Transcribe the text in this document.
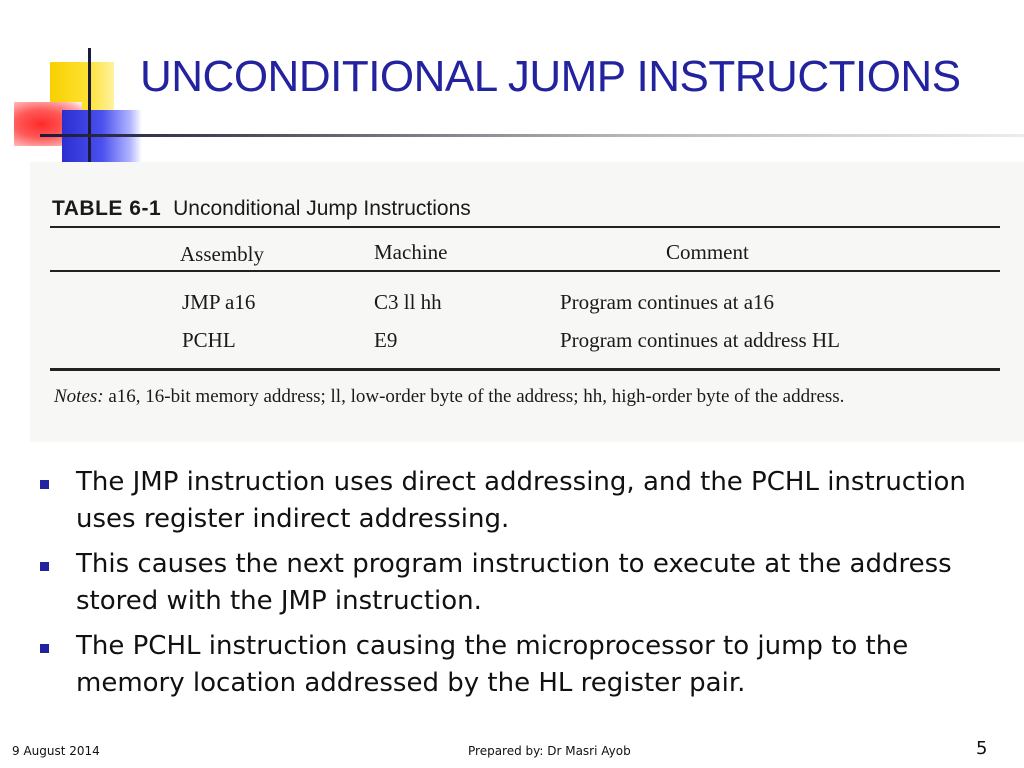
UNCONDITIONAL JUMP INSTRUCTIONS
TABLE 6-1 Unconditional Jump Instructions
Assembly	Machine	Comment
JMP a16	C3 ll hh	Program continues at a16
PCHL	E9	Program continues at address HL
Notes: a16, 16-bit memory address; ll, low-order byte of the address; hh, high-order byte of the address.
The JMP instruction uses direct addressing, and the PCHL instruction uses register indirect addressing.
This causes the next program instruction to execute at the address stored with the JMP instruction.
The PCHL instruction causing the microprocessor to jump to the memory location addressed by the HL register pair.
9 August 2014	Prepared by: Dr Masri Ayob	5
